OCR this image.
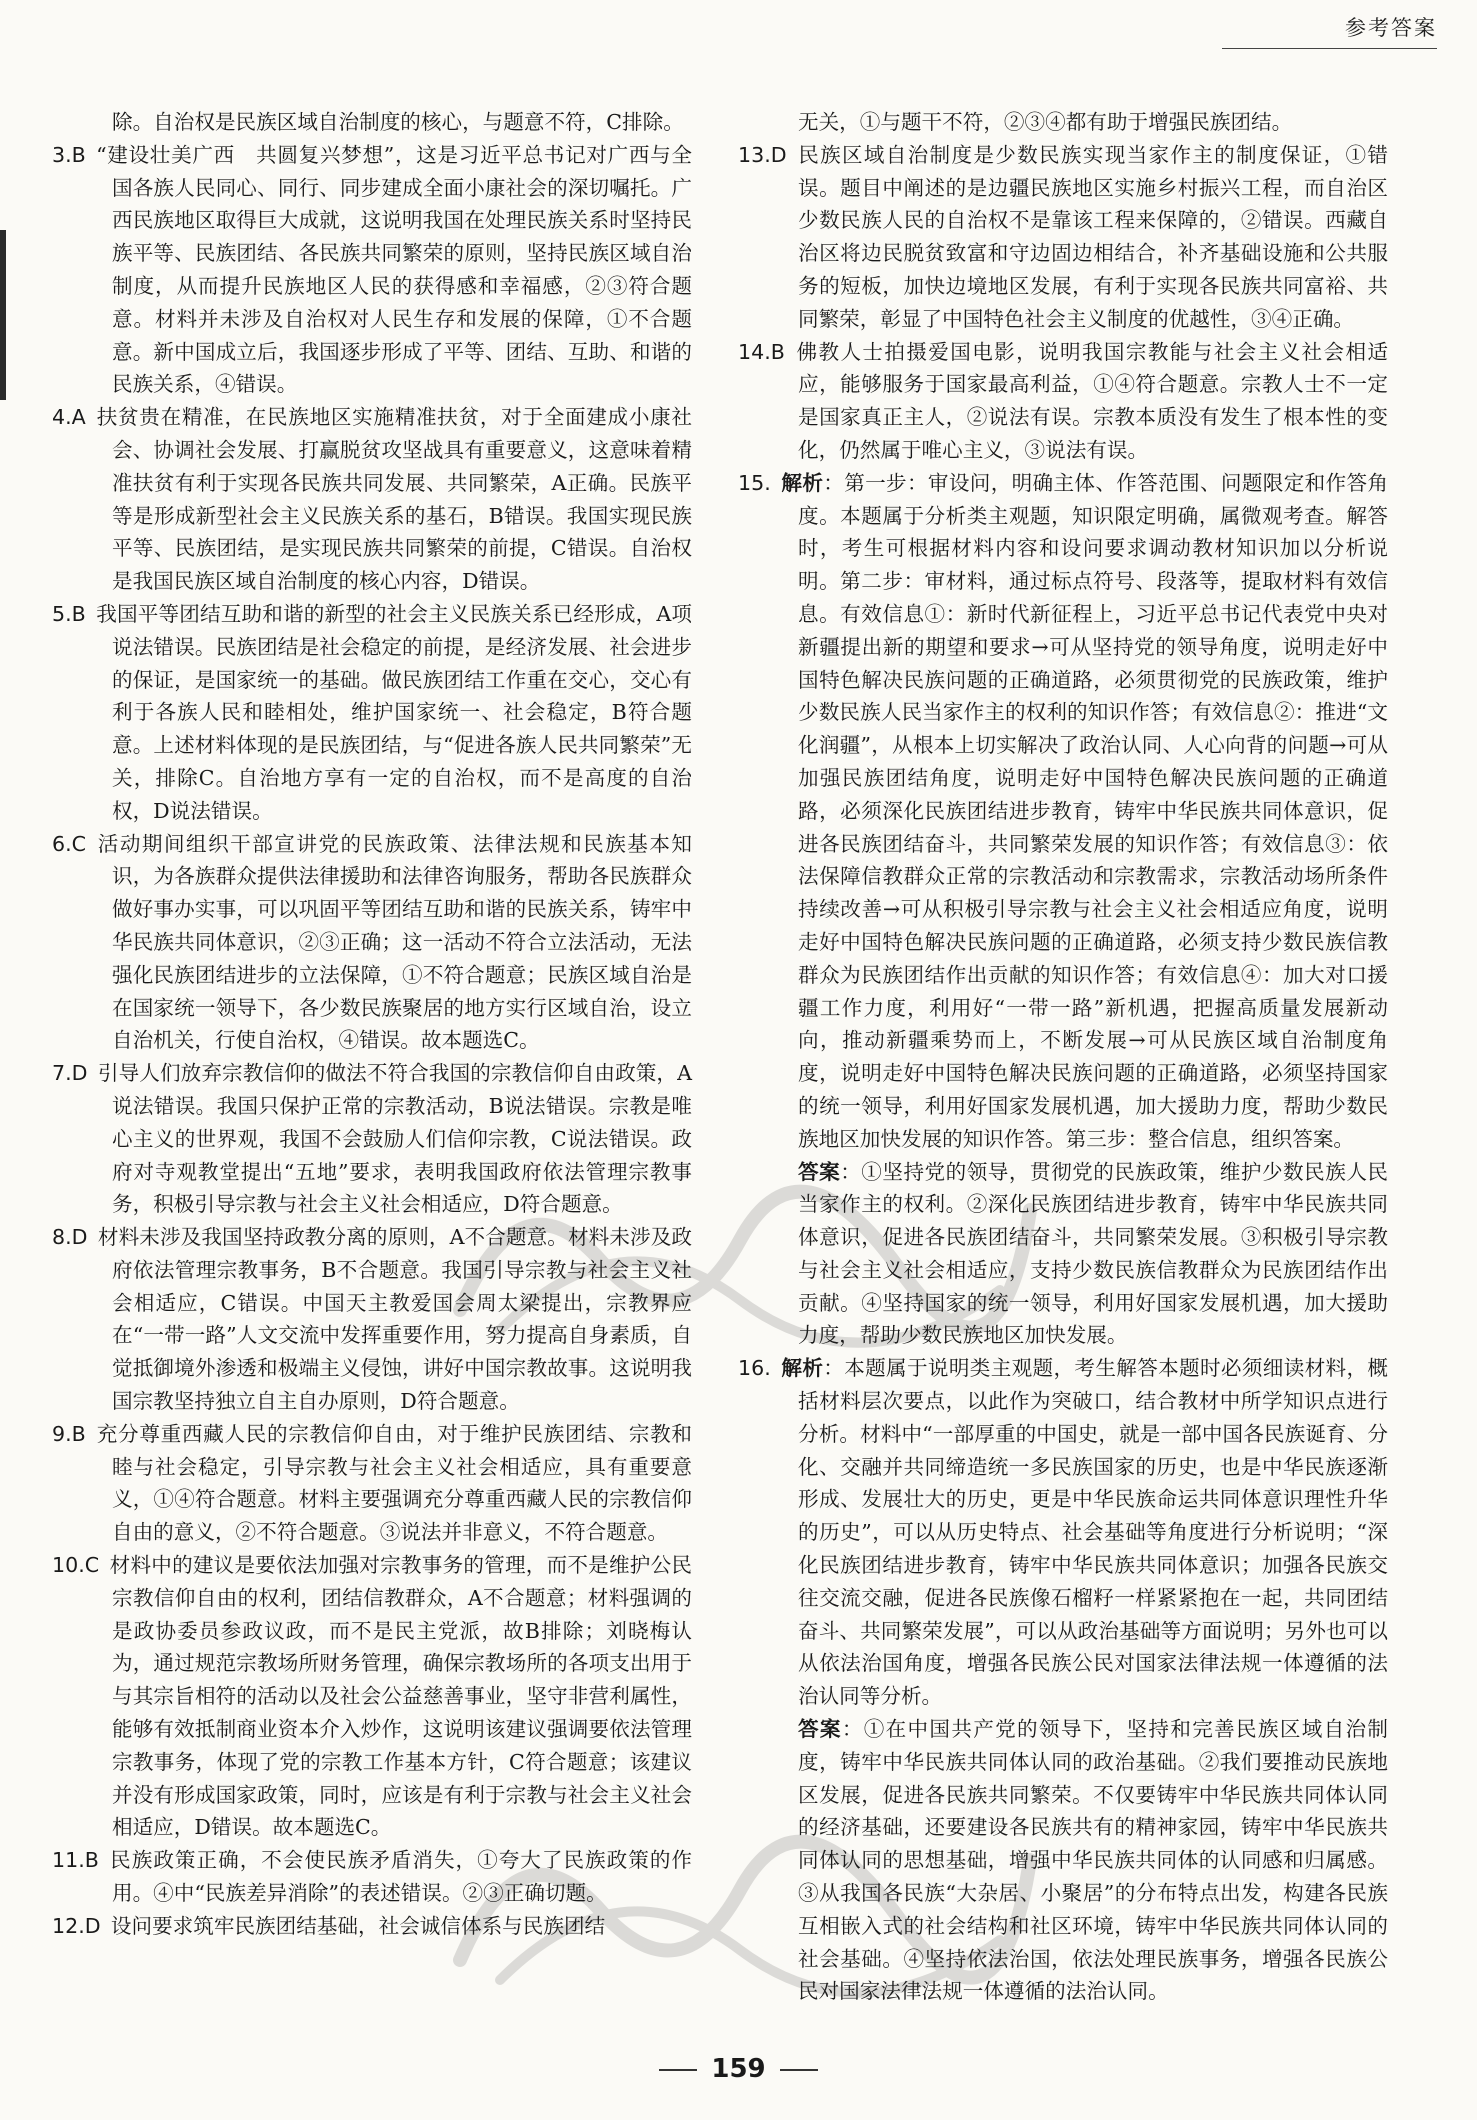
参考答案

除。自治权是民族区域自治制度的核心，与题意不符，C排除。

3.B  “建设壮美广西　共圆复兴梦想”，这是习近平总书记对广西与全国各族人民同心、同行、同步建成全面小康社会的深切嘱托。广西民族地区取得巨大成就，这说明我国在处理民族关系时坚持民族平等、民族团结、各民族共同繁荣的原则，坚持民族区域自治制度，从而提升民族地区人民的获得感和幸福感，②③符合题意。材料并未涉及自治权对人民生存和发展的保障，①不合题意。新中国成立后，我国逐步形成了平等、团结、互助、和谐的民族关系，④错误。

4.A  扶贫贵在精准，在民族地区实施精准扶贫，对于全面建成小康社会、协调社会发展、打赢脱贫攻坚战具有重要意义，这意味着精准扶贫有利于实现各民族共同发展、共同繁荣，A正确。民族平等是形成新型社会主义民族关系的基石，B错误。我国实现民族平等、民族团结，是实现民族共同繁荣的前提，C错误。自治权是我国民族区域自治制度的核心内容，D错误。

5.B  我国平等团结互助和谐的新型的社会主义民族关系已经形成，A项说法错误。民族团结是社会稳定的前提，是经济发展、社会进步的保证，是国家统一的基础。做民族团结工作重在交心，交心有利于各族人民和睦相处，维护国家统一、社会稳定，B符合题意。上述材料体现的是民族团结，与“促进各族人民共同繁荣”无关，排除C。自治地方享有一定的自治权，而不是高度的自治权，D说法错误。

6.C  活动期间组织干部宣讲党的民族政策、法律法规和民族基本知识，为各族群众提供法律援助和法律咨询服务，帮助各民族群众做好事办实事，可以巩固平等团结互助和谐的民族关系，铸牢中华民族共同体意识，②③正确；这一活动不符合立法活动，无法强化民族团结进步的立法保障，①不符合题意；民族区域自治是在国家统一领导下，各少数民族聚居的地方实行区域自治，设立自治机关，行使自治权，④错误。故本题选C。

7.D  引导人们放弃宗教信仰的做法不符合我国的宗教信仰自由政策，A说法错误。我国只保护正常的宗教活动，B说法错误。宗教是唯心主义的世界观，我国不会鼓励人们信仰宗教，C说法错误。政府对寺观教堂提出“五地”要求，表明我国政府依法管理宗教事务，积极引导宗教与社会主义社会相适应，D符合题意。

8.D  材料未涉及我国坚持政教分离的原则，A不合题意。材料未涉及政府依法管理宗教事务，B不合题意。我国引导宗教与社会主义社会相适应，C错误。中国天主教爱国会周太梁提出，宗教界应在“一带一路”人文交流中发挥重要作用，努力提高自身素质，自觉抵御境外渗透和极端主义侵蚀，讲好中国宗教故事。这说明我国宗教坚持独立自主自办原则，D符合题意。

9.B  充分尊重西藏人民的宗教信仰自由，对于维护民族团结、宗教和睦与社会稳定，引导宗教与社会主义社会相适应，具有重要意义，①④符合题意。材料主要强调充分尊重西藏人民的宗教信仰自由的意义，②不符合题意。③说法并非意义，不符合题意。

10.C  材料中的建议是要依法加强对宗教事务的管理，而不是维护公民宗教信仰自由的权利，团结信教群众，A不合题意；材料强调的是政协委员参政议政，而不是民主党派，故B排除；刘晓梅认为，通过规范宗教场所财务管理，确保宗教场所的各项支出用于与其宗旨相符的活动以及社会公益慈善事业，坚守非营利属性，能够有效抵制商业资本介入炒作，这说明该建议强调要依法管理宗教事务，体现了党的宗教工作基本方针，C符合题意；该建议并没有形成国家政策，同时，应该是有利于宗教与社会主义社会相适应，D错误。故本题选C。

11.B  民族政策正确，不会使民族矛盾消失，①夸大了民族政策的作用。④中“民族差异消除”的表述错误。②③正确切题。

12.D  设问要求筑牢民族团结基础，社会诚信体系与民族团结

无关，①与题干不符，②③④都有助于增强民族团结。

13.D  民族区域自治制度是少数民族实现当家作主的制度保证，①错误。题目中阐述的是边疆民族地区实施乡村振兴工程，而自治区少数民族人民的自治权不是靠该工程来保障的，②错误。西藏自治区将边民脱贫致富和守边固边相结合，补齐基础设施和公共服务的短板，加快边境地区发展，有利于实现各民族共同富裕、共同繁荣，彰显了中国特色社会主义制度的优越性，③④正确。

14.B  佛教人士拍摄爱国电影，说明我国宗教能与社会主义社会相适应，能够服务于国家最高利益，①④符合题意。宗教人士不一定是国家真正主人，②说法有误。宗教本质没有发生了根本性的变化，仍然属于唯心主义，③说法有误。

15.  解析：第一步：审设问，明确主体、作答范围、问题限定和作答角度。本题属于分析类主观题，知识限定明确，属微观考查。解答时，考生可根据材料内容和设问要求调动教材知识加以分析说明。第二步：审材料，通过标点符号、段落等，提取材料有效信息。有效信息①：新时代新征程上，习近平总书记代表党中央对新疆提出新的期望和要求→可从坚持党的领导角度，说明走好中国特色解决民族问题的正确道路，必须贯彻党的民族政策，维护少数民族人民当家作主的权利的知识作答；有效信息②：推进“文化润疆”，从根本上切实解决了政治认同、人心向背的问题→可从加强民族团结角度，说明走好中国特色解决民族问题的正确道路，必须深化民族团结进步教育，铸牢中华民族共同体意识，促进各民族团结奋斗，共同繁荣发展的知识作答；有效信息③：依法保障信教群众正常的宗教活动和宗教需求，宗教活动场所条件持续改善→可从积极引导宗教与社会主义社会相适应角度，说明走好中国特色解决民族问题的正确道路，必须支持少数民族信教群众为民族团结作出贡献的知识作答；有效信息④：加大对口援疆工作力度，利用好“一带一路”新机遇，把握高质量发展新动向，推动新疆乘势而上，不断发展→可从民族区域自治制度角度，说明走好中国特色解决民族问题的正确道路，必须坚持国家的统一领导，利用好国家发展机遇，加大援助力度，帮助少数民族地区加快发展的知识作答。第三步：整合信息，组织答案。

答案：①坚持党的领导，贯彻党的民族政策，维护少数民族人民当家作主的权利。②深化民族团结进步教育，铸牢中华民族共同体意识，促进各民族团结奋斗，共同繁荣发展。③积极引导宗教与社会主义社会相适应，支持少数民族信教群众为民族团结作出贡献。④坚持国家的统一领导，利用好国家发展机遇，加大援助力度，帮助少数民族地区加快发展。

16.  解析：本题属于说明类主观题，考生解答本题时必须细读材料，概括材料层次要点，以此作为突破口，结合教材中所学知识点进行分析。材料中“一部厚重的中国史，就是一部中国各民族诞育、分化、交融并共同缔造统一多民族国家的历史，也是中华民族逐渐形成、发展壮大的历史，更是中华民族命运共同体意识理性升华的历史”，可以从历史特点、社会基础等角度进行分析说明；“深化民族团结进步教育，铸牢中华民族共同体意识；加强各民族交往交流交融，促进各民族像石榴籽一样紧紧抱在一起，共同团结奋斗、共同繁荣发展”，可以从政治基础等方面说明；另外也可以从依法治国角度，增强各民族公民对国家法律法规一体遵循的法治认同等分析。

答案：①在中国共产党的领导下，坚持和完善民族区域自治制度，铸牢中华民族共同体认同的政治基础。②我们要推动民族地区发展，促进各民族共同繁荣。不仅要铸牢中华民族共同体认同的经济基础，还要建设各民族共有的精神家园，铸牢中华民族共同体认同的思想基础，增强中华民族共同体的认同感和归属感。③从我国各民族“大杂居、小聚居”的分布特点出发，构建各民族互相嵌入式的社会结构和社区环境，铸牢中华民族共同体认同的社会基础。④坚持依法治国，依法处理民族事务，增强各民族公民对国家法律法规一体遵循的法治认同。

159
